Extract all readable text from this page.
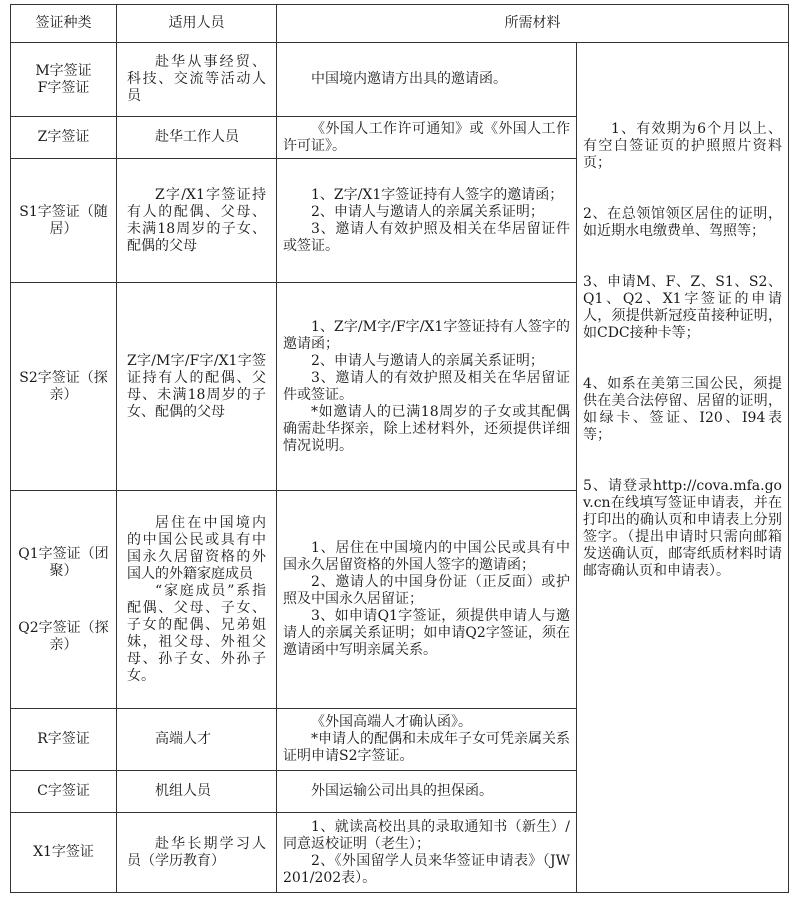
签证种类	适用人员	所需材料	
M字签证
F字签证	赴华从事经贸、科技、交流等活动人员	中国境内邀请方出具的邀请函。	1、有效期为6个月以上、有空白签证页的护照照片资料页；
2、在总领馆领区居住的证明，如近期水电缴费单、驾照等；
3、申请M、F、Z、S1、S2、Q1、Q2、X1字签证的申请人，须提供新冠疫苗接种证明，如CDC接种卡等；
4、如系在美第三国公民，须提供在美合法停留、居留的证明，如绿卡、签证、I20、I94表等；
5、请登录http://cova.mfa.gov.cn在线填写签证申请表，并在打印出的确认页和申请表上分别签字。（提出申请时只需向邮箱发送确认页，邮寄纸质材料时请邮寄确认页和申请表）。

Z字签证	赴华工作人员	《外国人工作许可通知》或《外国人工作许可证》。	
S1字签证（随居）	Z字/X1字签证持有人的配偶、父母、未满18周岁的子女、配偶的父母	1、Z字/X1字签证持有人签字的邀请函；
2、申请人与邀请人的亲属关系证明；
3、邀请人有效护照及相关在华居留证件或签证。	

S2字签证（探亲）	Z字/M字/F字/X1字签证持有人的配偶、父母、未满18周岁的子女、配偶的父母	1、Z字/M字/F字/X1字签证持有人签字的邀请函；
2、申请人与邀请人的亲属关系证明；
3、邀请人的有效护照及相关在华居留证件或签证。
*如邀请人的已满18周岁的子女或其配偶确需赴华探亲，除上述材料外，还须提供详细情况说明。	

Q1字签证（团聚）
Q2字签证（探亲）	居住在中国境内的中国公民或具有中国永久居留资格的外国人的外籍家庭成员
“家庭成员”系指配偶、父母、子女、子女的配偶、兄弟姐妹，祖父母、外祖父母、孙子女、外孙子女。	1、居住在中国境内的中国公民或具有中国永久居留资格的外国人签字的邀请函；
2、邀请人的中国身份证（正反面）或护照及中国永久居留证；
3、如申请Q1字签证，须提供申请人与邀请人的亲属关系证明；如申请Q2字签证，须在邀请函中写明亲属关系。	

R字签证	高端人才	《外国高端人才确认函》。
*申请人的配偶和未成年子女可凭亲属关系证明申请S2字签证。	

C字签证	机组人员	外国运输公司出具的担保函。	
X1字签证	赴华长期学习人员（学历教育）	1、就读高校出具的录取通知书（新生）/同意返校证明（老生）；
2、《外国留学人员来华签证申请表》（JW201/202表）。	
